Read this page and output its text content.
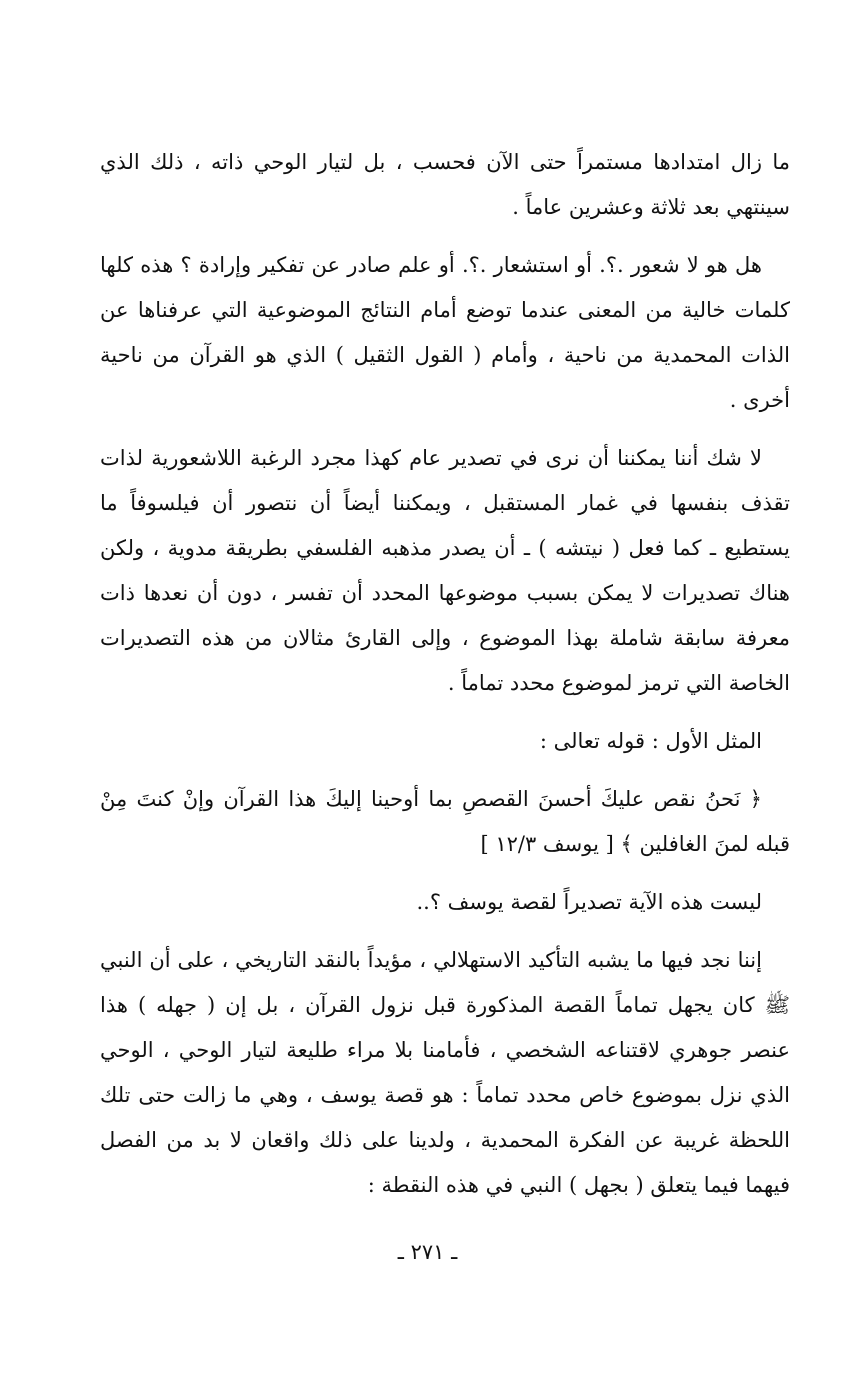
ما زال امتدادها مستمراً حتى الآن فحسب ، بل لتيار الوحي ذاته ، ذلك الذي سينتهي بعد ثلاثة وعشرين عاماً .

هل هو لا شعور .؟. أو استشعار .؟. أو علم صادر عن تفكير وإرادة ؟ هذه كلها كلمات خالية من المعنى عندما توضع أمام النتائج الموضوعية التي عرفناها عن الذات المحمدية من ناحية ، وأمام ( القول الثقيل ) الذي هو القرآن من ناحية أخرى .

لا شك أننا يمكننا أن نرى في تصدير عام كهذا مجرد الرغبة اللاشعورية لذات تقذف بنفسها في غمار المستقبل ، ويمكننا أيضاً أن نتصور أن فيلسوفاً ما يستطيع ـ كما فعل ( نيتشه ) ـ أن يصدر مذهبه الفلسفي بطريقة مدوية ، ولكن هناك تصديرات لا يمكن بسبب موضوعها المحدد أن تفسر ، دون أن نعدها ذات معرفة سابقة شاملة بهذا الموضوع ، وإلى القارئ مثالان من هذه التصديرات الخاصة التي ترمز لموضوع محدد تماماً .

المثل الأول : قوله تعالى :

﴿ نَحنُ نقص عليكَ أحسنَ القصصِ بما أوحينا إليكَ هذا القرآن وإنْ كنتَ مِنْ قبله لمنَ الغافلين ﴾ [ يوسف ١٢/٣ ]

ليست هذه الآية تصديراً لقصة يوسف ؟..

إننا نجد فيها ما يشبه التأكيد الاستهلالي ، مؤيداً بالنقد التاريخي ، على أن النبي ﷺ كان يجهل تماماً القصة المذكورة قبل نزول القرآن ، بل إن ( جهله ) هذا عنصر جوهري لاقتناعه الشخصي ، فأمامنا بلا مراء طليعة لتيار الوحي ، الوحي الذي نزل بموضوع خاص محدد تماماً : هو قصة يوسف ، وهي ما زالت حتى تلك اللحظة غريبة عن الفكرة المحمدية ، ولدينا على ذلك واقعان لا بد من الفصل فيهما فيما يتعلق ( بجهل ) النبي في هذه النقطة :

ـ ٢٧١ ـ
